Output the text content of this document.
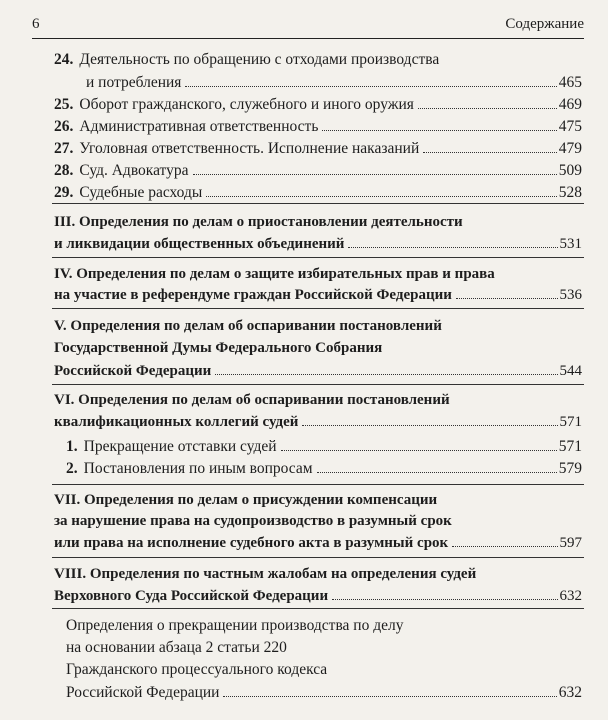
6	Содержание
24. Деятельность по обращению с отходами производства
и потребления	465
25. Оборот гражданского, служебного и иного оружия	469
26. Административная ответственность	475
27. Уголовная ответственность. Исполнение наказаний	479
28. Суд. Адвокатура	509
29. Судебные расходы	528
III. Определения по делам о приостановлении деятельности
и ликвидации общественных объединений	531
IV. Определения по делам о защите избирательных прав и права
на участие в референдуме граждан Российской Федерации	536
V. Определения по делам об оспаривании постановлений
Государственной Думы Федерального Собрания
Российской Федерации	544
VI. Определения по делам об оспаривании постановлений
квалификационных коллегий судей	571
1. Прекращение отставки судей	571
2. Постановления по иным вопросам	579
VII. Определения по делам о присуждении компенсации
за нарушение права на судопроизводство в разумный срок
или права на исполнение судебного акта в разумный срок	597
VIII. Определения по частным жалобам на определения судей
Верховного Суда Российской Федерации	632
Определения о прекращении производства по делу
на основании абзаца 2 статьи 220
Гражданского процессуального кодекса
Российской Федерации	632
